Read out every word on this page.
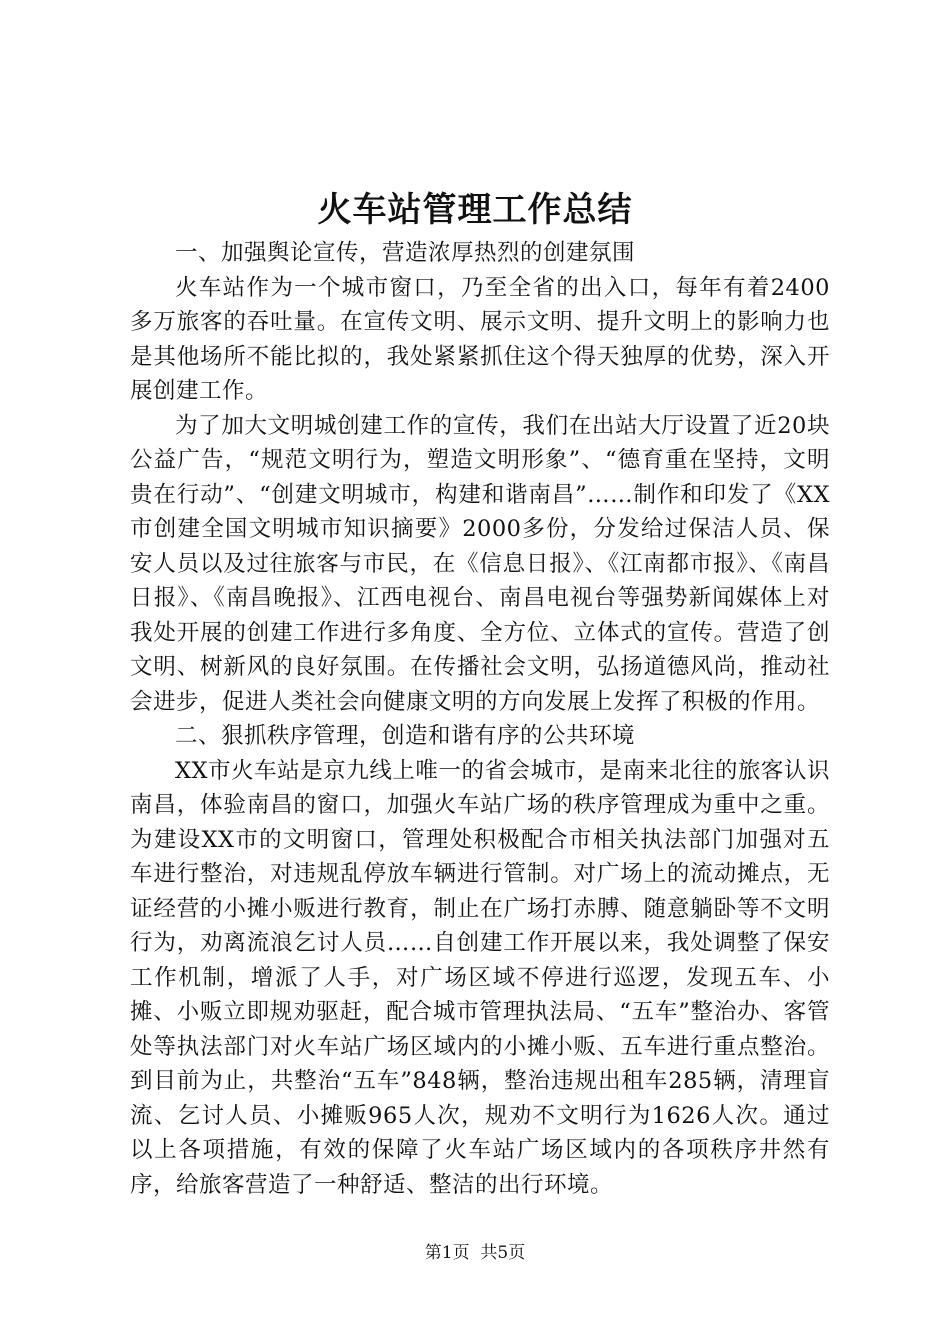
火车站管理工作总结

一、加强舆论宣传，营造浓厚热烈的创建氛围

火车站作为一个城市窗口，乃至全省的出入口，每年有着2400多万旅客的吞吐量。在宣传文明、展示文明、提升文明上的影响力也是其他场所不能比拟的，我处紧紧抓住这个得天独厚的优势，深入开展创建工作。

为了加大文明城创建工作的宣传，我们在出站大厅设置了近20块公益广告，“规范文明行为，塑造文明形象”、“德育重在坚持，文明贵在行动”、“创建文明城市，构建和谐南昌”……制作和印发了《XX市创建全国文明城市知识摘要》2000多份，分发给过保洁人员、保安人员以及过往旅客与市民，在《信息日报》、《江南都市报》、《南昌日报》、《南昌晚报》、江西电视台、南昌电视台等强势新闻媒体上对我处开展的创建工作进行多角度、全方位、立体式的宣传。营造了创文明、树新风的良好氛围。在传播社会文明，弘扬道德风尚，推动社会进步，促进人类社会向健康文明的方向发展上发挥了积极的作用。

二、狠抓秩序管理，创造和谐有序的公共环境

XX市火车站是京九线上唯一的省会城市，是南来北往的旅客认识南昌，体验南昌的窗口，加强火车站广场的秩序管理成为重中之重。为建设XX市的文明窗口，管理处积极配合市相关执法部门加强对五车进行整治，对违规乱停放车辆进行管制。对广场上的流动摊点，无证经营的小摊小贩进行教育，制止在广场打赤膊、随意躺卧等不文明行为，劝离流浪乞讨人员……自创建工作开展以来，我处调整了保安工作机制，增派了人手，对广场区域不停进行巡逻，发现五车、小摊、小贩立即规劝驱赶，配合城市管理执法局、“五车”整治办、客管处等执法部门对火车站广场区域内的小摊小贩、五车进行重点整治。到目前为止，共整治“五车”848辆，整治违规出租车285辆，清理盲流、乞讨人员、小摊贩965人次，规劝不文明行为1626人次。通过以上各项措施，有效的保障了火车站广场区域内的各项秩序井然有序，给旅客营造了一种舒适、整洁的出行环境。

第1页  共5页
